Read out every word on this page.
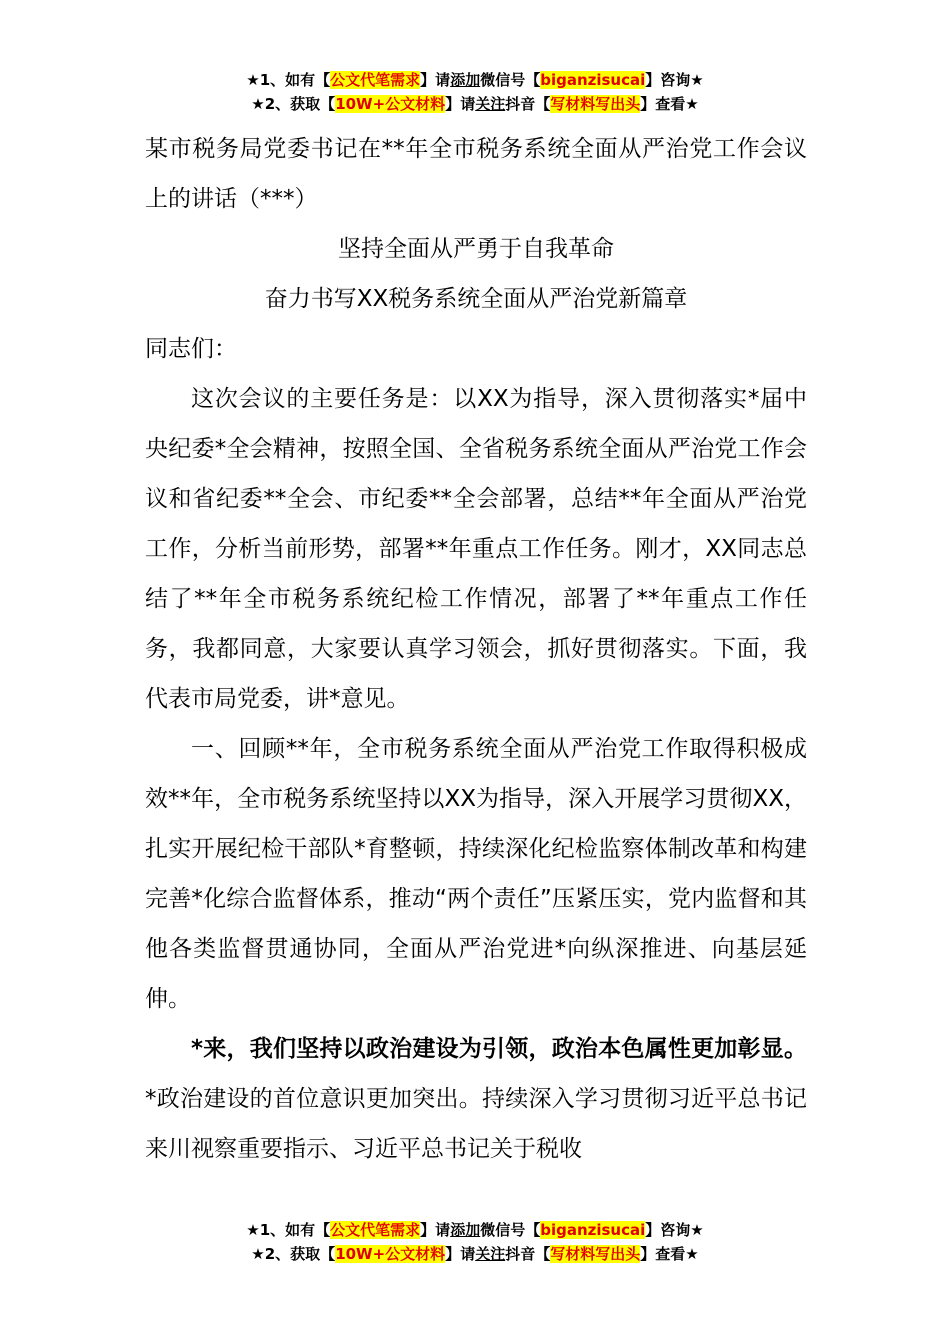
★1、如有【公文代笔需求】请添加微信号【biganzisucai】咨询★
★2、获取【10W+公文材料】请关注抖音【写材料写出头】查看★

某市税务局党委书记在**年全市税务系统全面从严治党工作会议上的讲话（***）

坚持全面从严勇于自我革命

奋力书写XX税务系统全面从严治党新篇章

同志们：

这次会议的主要任务是：以XX为指导，深入贯彻落实*届中央纪委*全会精神，按照全国、全省税务系统全面从严治党工作会议和省纪委**全会、市纪委**全会部署，总结**年全面从严治党工作，分析当前形势，部署**年重点工作任务。刚才，XX同志总结了**年全市税务系统纪检工作情况，部署了**年重点工作任务，我都同意，大家要认真学习领会，抓好贯彻落实。下面，我代表市局党委，讲*意见。

一、回顾**年，全市税务系统全面从严治党工作取得积极成效**年，全市税务系统坚持以XX为指导，深入开展学习贯彻XX，扎实开展纪检干部队*育整顿，持续深化纪检监察体制改革和构建完善*化综合监督体系，推动“两个责任”压紧压实，党内监督和其他各类监督贯通协同，全面从严治党进*向纵深推进、向基层延伸。

*来，我们坚持以政治建设为引领，政治本色属性更加彰显。*政治建设的首位意识更加突出。持续深入学习贯彻习近平总书记来川视察重要指示、习近平总书记关于税收

★1、如有【公文代笔需求】请添加微信号【biganzisucai】咨询★
★2、获取【10W+公文材料】请关注抖音【写材料写出头】查看★
